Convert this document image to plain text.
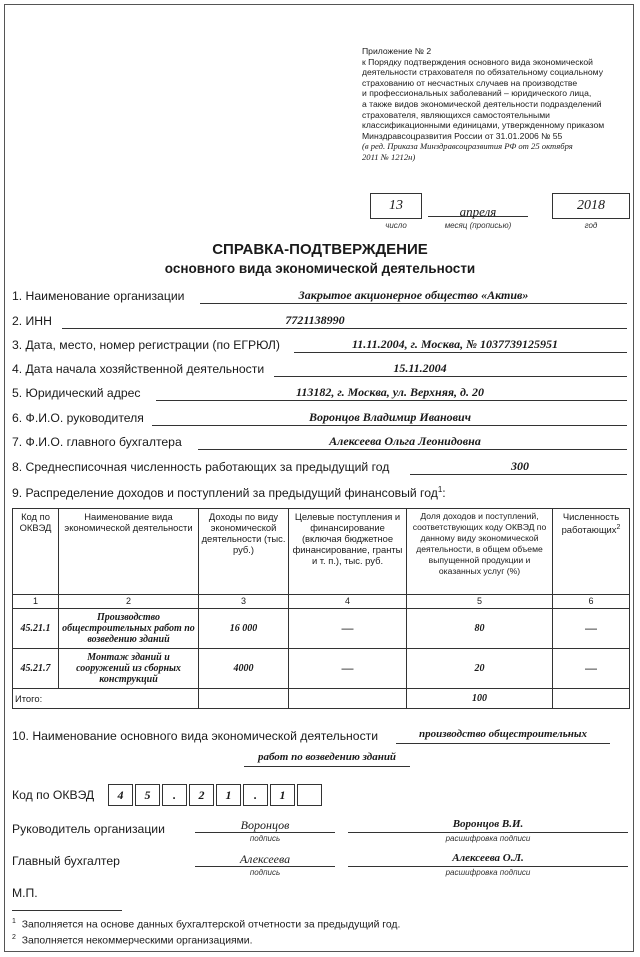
Приложение № 2
к Порядку подтверждения основного вида экономической
деятельности страхователя по обязательному социальному
страхованию от несчастных случаев на производстве
и профессиональных заболеваний – юридического лица,
а также видов экономической деятельности подразделений
страхователя, являющихся самостоятельными
классификационными единицами, утвержденному приказом
Минздравсоцразвития России от 31.01.2006 № 55
(в ред. Приказа Минздравсоцразвития РФ от 25 октября
2011 № 1212н)
13	апреля	2018
число	месяц (прописью)	год
СПРАВКА-ПОДТВЕРЖДЕНИЕ
основного вида экономической деятельности
1. Наименование организации	Закрытое акционерное общество «Актив»
2. ИНН	7721138990
3. Дата, место, номер регистрации (по ЕГРЮЛ)	11.11.2004, г. Москва, № 1037739125951
4. Дата начала хозяйственной деятельности	15.11.2004
5. Юридический адрес	113182, г. Москва, ул. Верхняя, д. 20
6. Ф.И.О. руководителя	Воронцов Владимир Иванович
7. Ф.И.О. главного бухгалтера	Алексеева Ольга Леонидовна
8. Среднесписочная численность работающих за предыдущий год	300
9. Распределение доходов и поступлений за предыдущий финансовый год$^1$:
Код по ОКВЭД	Наименование вида экономической деятельности	Доходы по виду экономической деятельности (тыс. руб.)	Целевые поступления и финансирование (включая бюджетное финансирование, гранты и т. п.), тыс. руб.	Доля доходов и поступлений, соответствующих коду ОКВЭД по данному виду экономической деятельности, в общем объеме выпущенной продукции и оказанных услуг (%)	Численность работающих$^2$
1	2	3	4	5	6
45.21.1	Производство общестроительных работ по возведению зданий	16 000	—	80	—
45.21.7	Монтаж зданий и сооружений из сборных конструкций	4000	—	20	—
Итого:				100	
10. Наименование основного вида экономической деятельности	производство общестроительных
работ по возведению зданий
Код по ОКВЭД	4	5	.	2	1	.	1
Руководитель организации	Воронцов
подпись
Воронцов В.И.
расшифровка подписи
Главный бухгалтер	Алексеева
подпись
Алексеева О.Л.
расшифровка подписи
М.П.
$^1$ Заполняется на основе данных бухгалтерской отчетности за предыдущий год.
$^2$ Заполняется некоммерческими организациями.
